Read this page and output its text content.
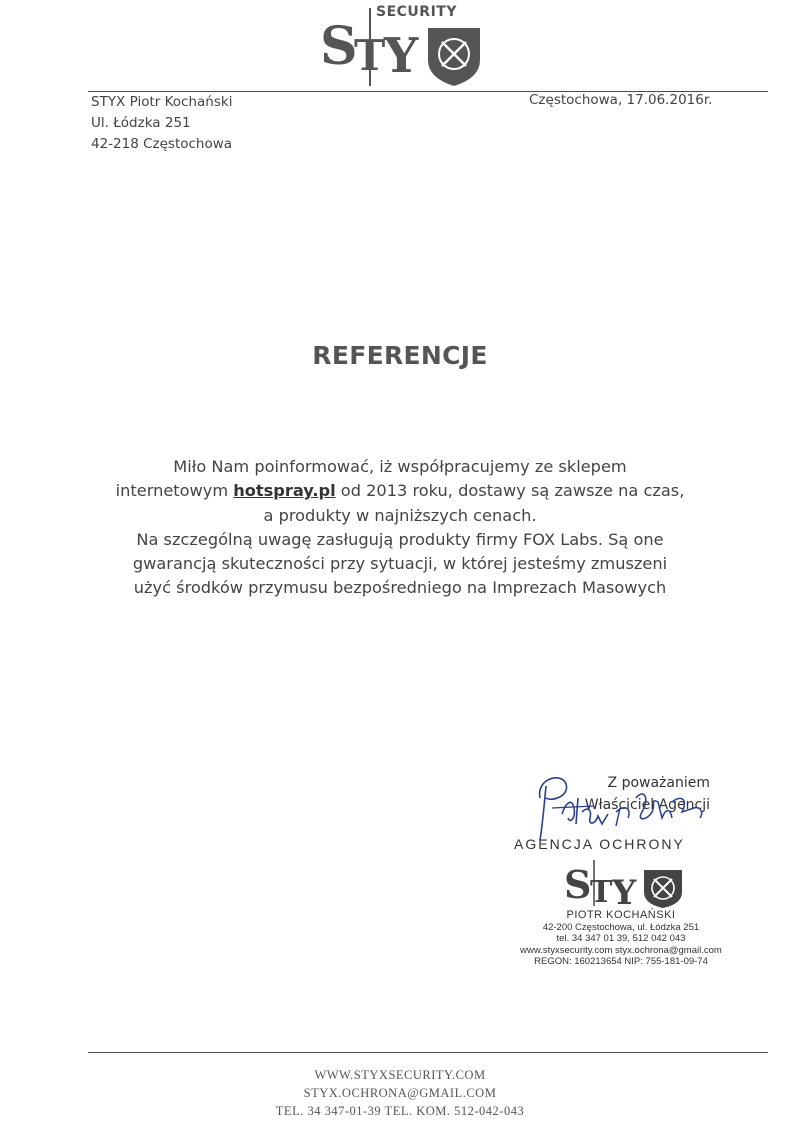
SECURITY
S
T
Y
STYX Piotr Kochański
Ul. Łódzka 251
42-218 Częstochowa
Częstochowa, 17.06.2016r.
REFERENCJE
Miło Nam poinformować, iż współpracujemy ze sklepem
internetowym hotspray.pl od 2013 roku, dostawy są zawsze na czas,
a produkty w najniższych cenach.
Na szczególną uwagę zasługują produkty firmy FOX Labs. Są one
gwarancją skuteczności przy sytuacji, w której jesteśmy zmuszeni
użyć środków przymusu bezpośredniego na Imprezach Masowych
Z poważaniem
Właściciel Agencji
AGENCJA OCHRONY
S
T Y
PIOTR KOCHAŃSKI
42-200 Częstochowa, ul. Łódzka 251
tel. 34 347 01 39, 512 042 043
www.styxsecurity.com styx.ochrona@gmail.com
REGON: 160213654 NIP: 755-181-09-74
WWW.STYXSECURITY.COM
STYX.OCHRONA@GMAIL.COM
TEL. 34 347-01-39 TEL. KOM. 512-042-043
